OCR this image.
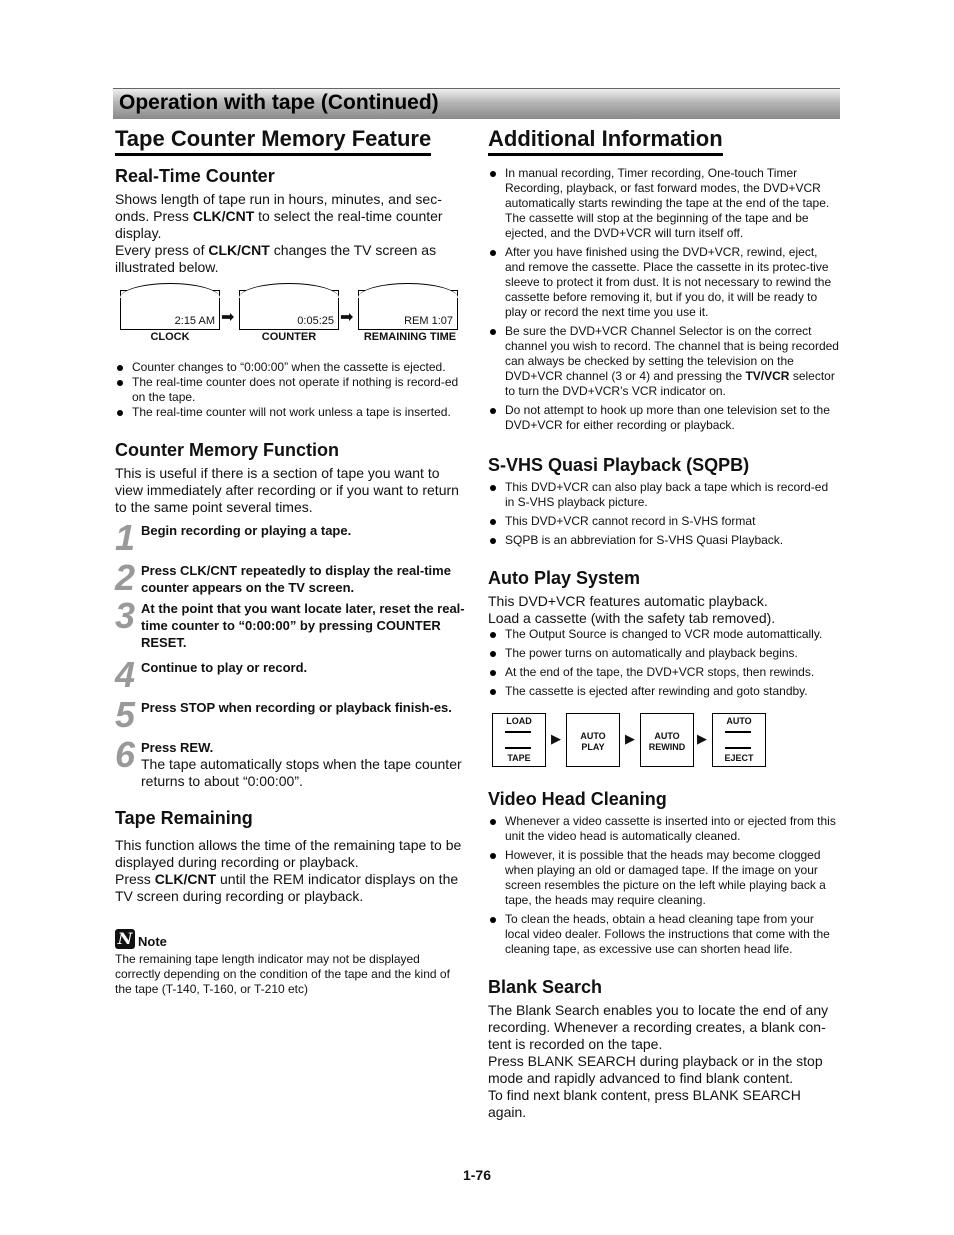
Operation with tape (Continued)
Tape Counter Memory Feature
Real-Time Counter

Shows length of tape run in hours, minutes, and sec-onds. Press CLK/CNT to select the real-time counter display.

Every press of CLK/CNT changes the TV screen as illustrated below.

2:15 AM
CLOCK
➡	0:05:25
COUNTER
➡	REM 1:07
REMAINING TIME
Counter changes to “0:00:00” when the cassette is ejected.
The real-time counter does not operate if nothing is record-ed on the tape.
The real-time counter will not work unless a tape is inserted.
Counter Memory Function

This is useful if there is a section of tape you want to view immediately after recording or if you want to return to the same point several times.

1 Begin recording or playing a tape.
2 Press CLK/CNT repeatedly to display the real-time counter appears on the TV screen.
3 At the point that you want locate later, reset the real-time counter to “0:00:00” by pressing COUNTER RESET.
4 Continue to play or record.
5 Press STOP when recording or playback finish-es.
6 Press REW.
The tape automatically stops when the tape counter returns to about “0:00:00”.
Tape Remaining

This function allows the time of the remaining tape to be displayed during recording or playback.

Press CLK/CNT until the REM indicator displays on the TV screen during recording or playback.

N Note

The remaining tape length indicator may not be displayed correctly depending on the condition of the tape and the kind of the tape (T-140, T-160, or T-210 etc)

Additional Information
In manual recording, Timer recording, One-touch Timer Recording, playback, or fast forward modes, the DVD+VCR automatically starts rewinding the tape at the end of the tape. The cassette will stop at the beginning of the tape and be ejected, and the DVD+VCR will turn itself off.
After you have finished using the DVD+VCR, rewind, eject, and remove the cassette. Place the cassette in its protec-tive sleeve to protect it from dust. It is not necessary to rewind the cassette before removing it, but if you do, it will be ready to play or record the next time you use it.
Be sure the DVD+VCR Channel Selector is on the correct channel you wish to record. The channel that is being recorded can always be checked by setting the television on the DVD+VCR channel (3 or 4) and pressing the TV/VCR selector to turn the DVD+VCR’s VCR indicator on.
Do not attempt to hook up more than one television set to the DVD+VCR for either recording or playback.
S-VHS Quasi Playback (SQPB)
This DVD+VCR can also play back a tape which is record-ed in S-VHS playback picture.
This DVD+VCR cannot record in S-VHS format
SQPB is an abbreviation for S-VHS Quasi Playback.
Auto Play System

This DVD+VCR features automatic playback.

Load a cassette (with the safety tab removed).

The Output Source is changed to VCR mode automattically.
The power turns on automatically and playback begins.
At the end of the tape, the DVD+VCR stops, then rewinds.
The cassette is ejected after rewinding and goto standby.
LOAD
TAPE
▶	AUTO
PLAY
▶	AUTO
REWIND
▶
AUTO
EJECT
Video Head Cleaning
Whenever a video cassette is inserted into or ejected from this unit the video head is automatically cleaned.
However, it is possible that the heads may become clogged when playing an old or damaged tape. If the image on your screen resembles the picture on the left while playing back a tape, the heads may require cleaning.
To clean the heads, obtain a head cleaning tape from your local video dealer. Follows the instructions that come with the cleaning tape, as excessive use can shorten head life.
Blank Search

The Blank Search enables you to locate the end of any recording. Whenever a recording creates, a blank con-tent is recorded on the tape.

Press BLANK SEARCH during playback or in the stop mode and rapidly advanced to find blank content.

To find next blank content, press BLANK SEARCH again.

1-76
